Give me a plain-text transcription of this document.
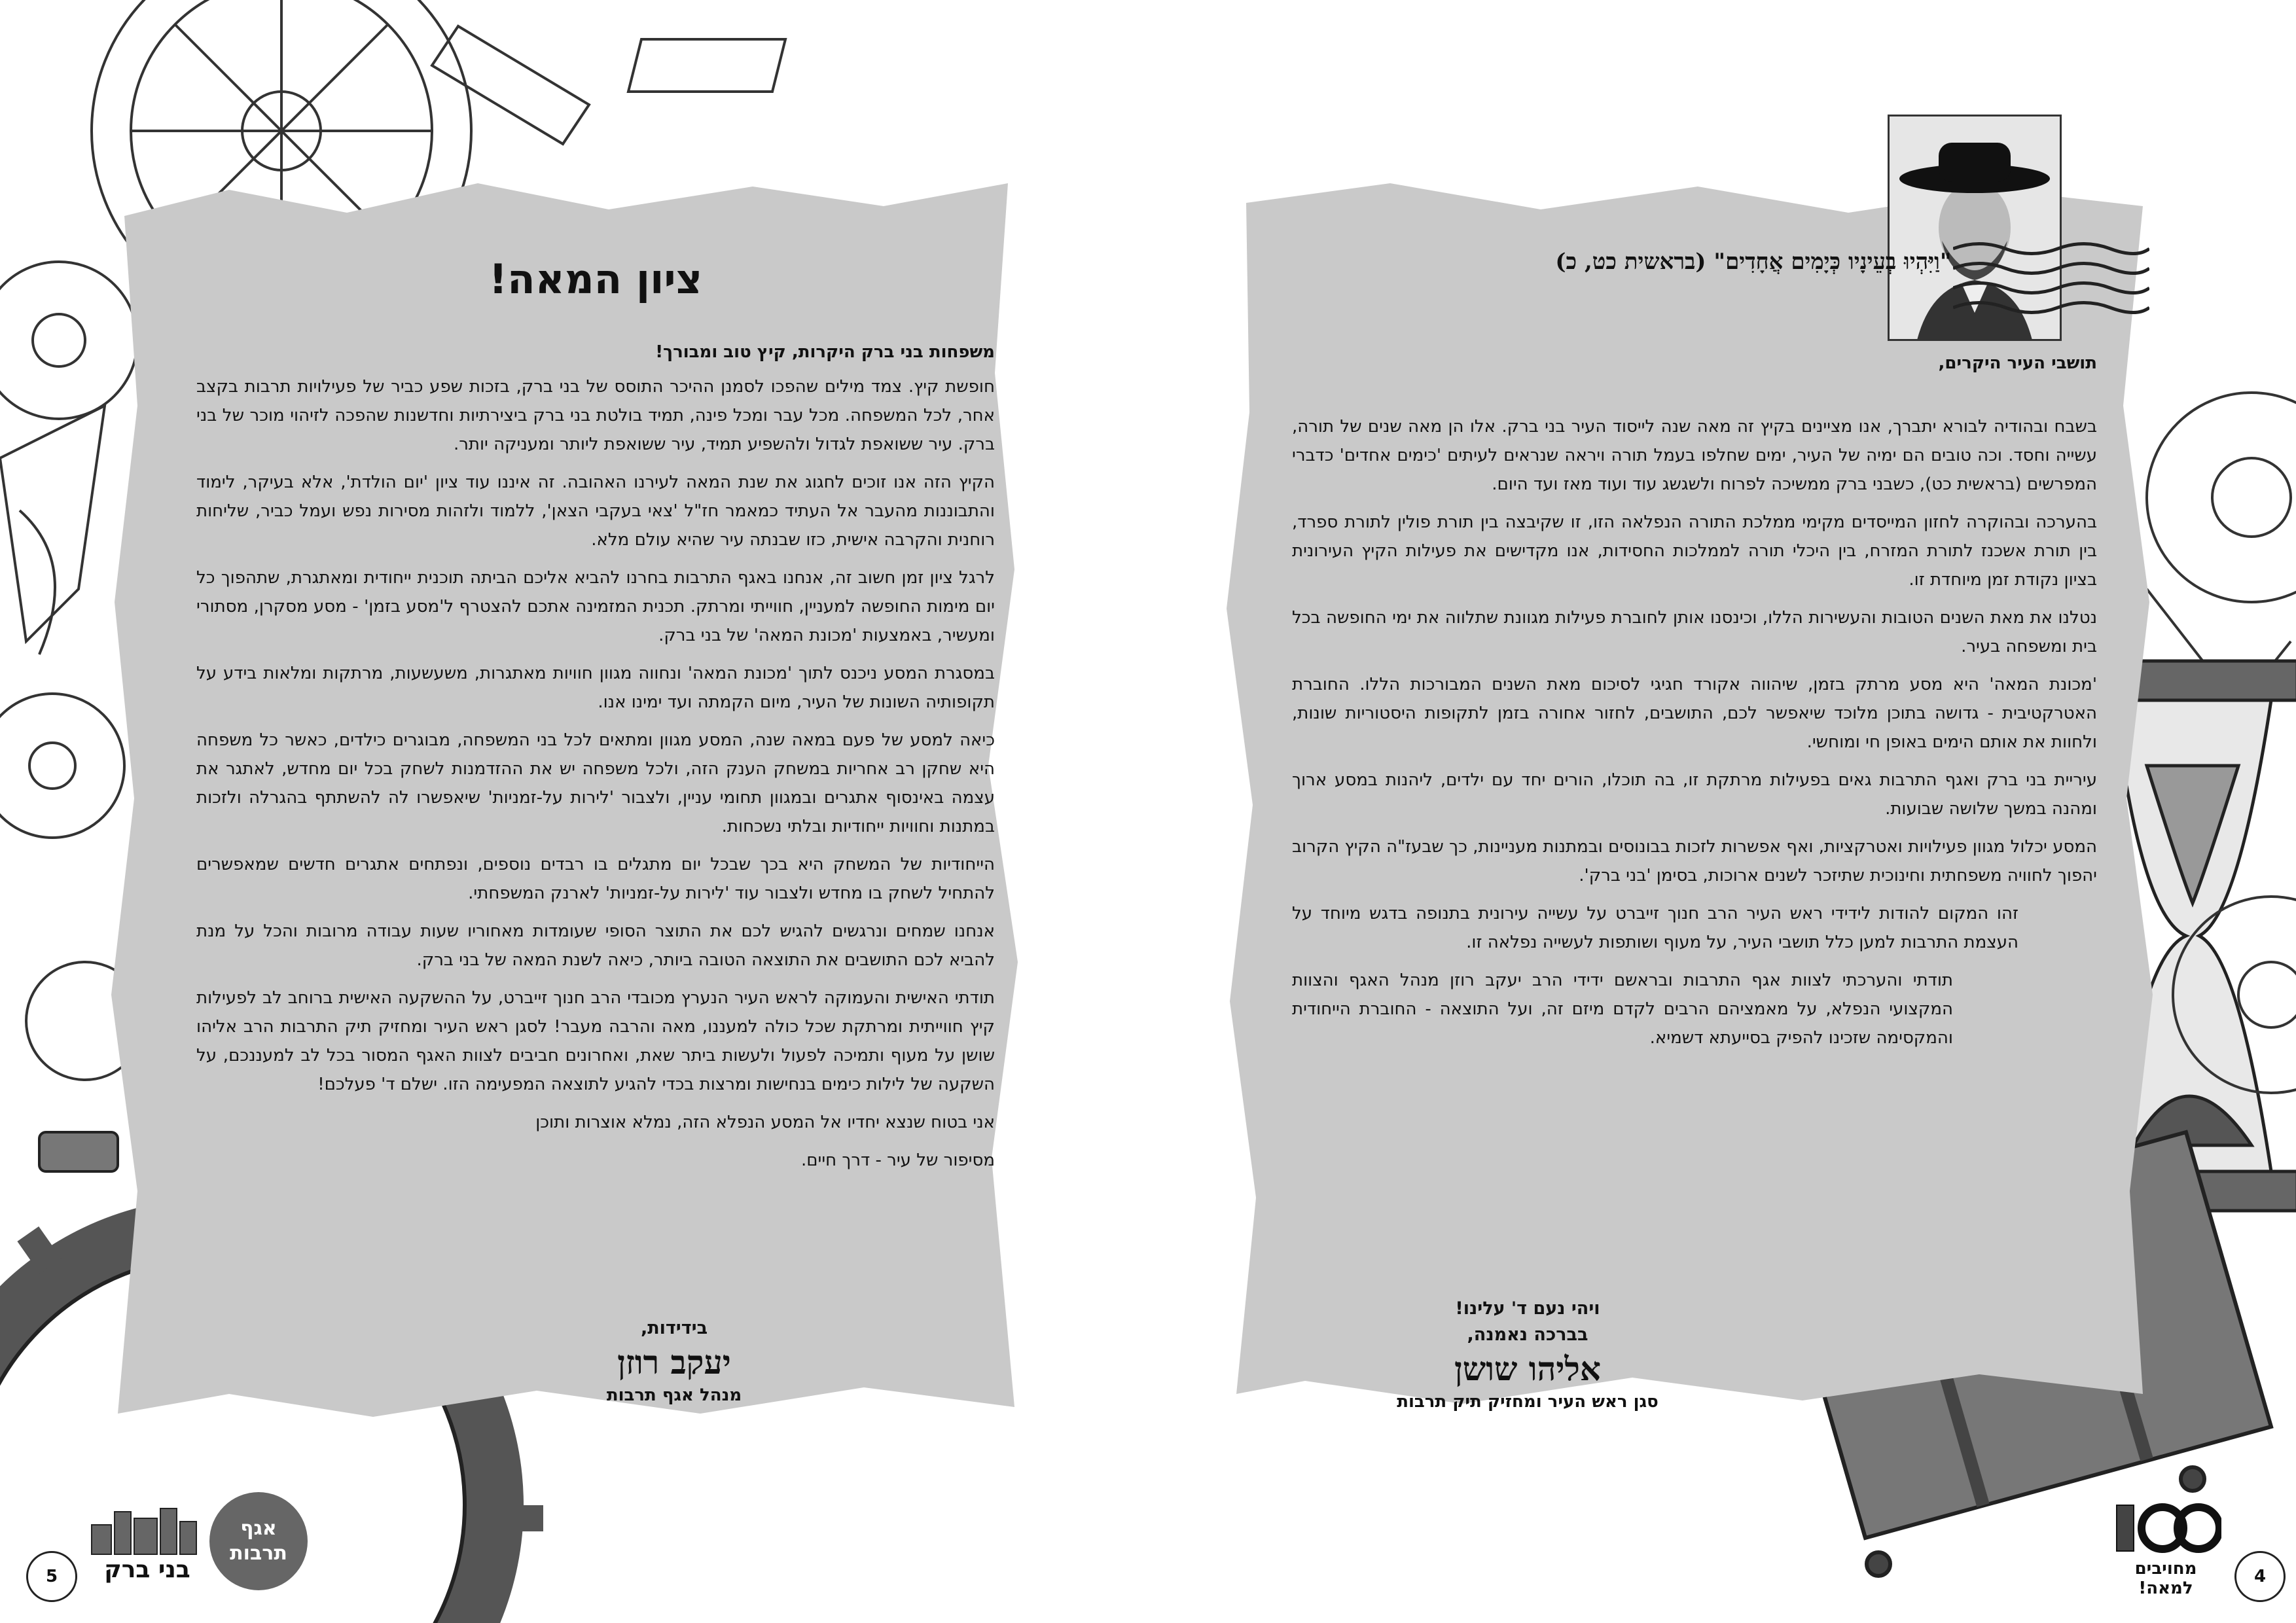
ציון המאה!

משפחות בני ברק היקרות, קיץ טוב ומבורך!

חופשת קיץ. צמד מילים שהפכו לסמנן ההיכר התוסס של בני ברק, בזכות שפע כביר של פעילויות תרבות בקצב אחר, לכל המשפחה. מכל עבר ומכל פינה, תמיד בולטת בני ברק ביצירתיות וחדשנות שהפכה לזיהוי מוכר של בני ברק. עיר ששואפת לגדול ולהשפיע תמיד, עיר ששואפת ליותר ומעניקה יותר.

הקיץ הזה אנו זוכים לחגוג את שנת המאה לעירנו האהובה. זה איננו עוד ציון 'יום הולדת', אלא בעיקר, לימוד והתבוננות מהעבר אל העתיד כמאמר חז"ל 'צאי בעקבי הצאן', ללמוד ולזהות מסירות נפש ועמל כביר, שליחות רוחנית והקרבה אישית, כזו שבנתה עיר שהיא עולם מלא.

לרגל ציון זמן חשוב זה, אנחנו באגף התרבות בחרנו להביא אליכם הביתה תוכנית ייחודית ומאתגרת, שתהפוך כל יום מימות החופשה למעניין, חווייתי ומרתק. תכנית המזמינה אתכם להצטרף ל'מסע בזמן' - מסע מסקרן, מסתורי ומעשיר, באמצעות 'מכונת המאה' של בני ברק.

במסגרת המסע ניכנס לתוך 'מכונת המאה' ונחווה מגוון חוויות מאתגרות, משעשעות, מרתקות ומלאות בידע על תקופותיה השונות של העיר, מיום הקמתה ועד ימינו אנו.

כיאה למסע של פעם במאה שנה, המסע מגוון ומתאים לכל בני המשפחה, מבוגרים כילדים, כאשר כל משפחה היא שחקן רב אחריות במשחק הענק הזה, ולכל משפחה יש את ההזדמנות לשחק בכל יום מחדש, לאתגר את עצמה באינסוף אתגרים ובמגוון תחומי עניין, ולצבור 'לירות על-זמניות' שיאפשרו לה להשתתף בהגרלה ולזכות במתנות וחוויות ייחודיות ובלתי נשכחות.

הייחודיות של המשחק היא בכך שבכל יום מתגלים בו רבדים נוספים, ונפתחים אתגרים חדשים שמאפשרים להתחיל לשחק בו מחדש ולצבור עוד 'לירות על-זמניות' לארנק המשפחתי.

אנחנו שמחים ונרגשים להגיש לכם את התוצר הסופי שעומדות מאחוריו שעות עבודה מרובות והכל על מנת להביא לכם התושבים את התוצאה הטובה ביותר, כיאה לשנת המאה של בני ברק.

תודתי האישית והעמוקה לראש העיר הנערץ מכובדי הרב חנוך זייברט, על ההשקעה האישית ברוחב לב לפעילות קיץ חווייתית ומרתקת שכל כולה למעננו, מאה והרבה מעבר! לסגן ראש העיר ומחזיק תיק התרבות הרב אליהו שושן על מעוף ותמיכה לפעול ולעשות ביתר שאת, ואחרונים חביבים לצוות האגף המסור בכל לב למעננכם, על השקעה של לילות כימים בנחישות ומרצות בכדי להגיע לתוצאה המפעימה הזו. ישלם ד' פעלכם!

אני בטוח שנצא יחדיו אל המסע הנפלא הזה, נמלא אוצרות ותוכן

מסיפור של עיר - דרך חיים.

בידידות,
יעקב רוזן
מנהל אגף תרבות
5
אגף תרבות
בני ברק

"וַיִּהְיוּ בְעֵינָיו כְּיָמִים אֲחָדִים" (בראשית כט, כ)

תושבי העיר היקרים,

בשבח ובהודיה לבורא יתברך, אנו מציינים בקיץ זה מאה שנה לייסוד העיר בני ברק. אלו הן מאה שנים של תורה, עשייה וחסד. וכה טובים הם ימיה של העיר, ימים שחלפו בעמל תורה ויראה שנראים לעיתים 'כימים אחדים' כדברי המפרשים (בראשית כט), כשבני ברק ממשיכה לפרוח ולשגשג עוד ועוד מאז ועד היום.

בהערכה ובהוקרה לחזון המייסדים מקימי ממלכת התורה הנפלאה הזו, זו שקיבצה בין תורת פולין לתורת ספרד, בין תורת אשכנז לתורת המזרח, בין היכלי תורה לממלכות החסידות, אנו מקדישים את פעילות הקיץ העירונית בציון נקודת זמן מיוחדת זו.

נטלנו את מאת השנים הטובות והעשירות הללו, וכינסנו אותן לחוברת פעילות מגוונת שתלווה את ימי החופשה בכל בית ומשפחה בעיר.

'מכונת המאה' היא מסע מרתק בזמן, שיהווה אקורד חגיגי לסיכום מאת השנים המבורכות הללו. החוברת האטרקטיבית - גדושה בתוכן מלוכד שיאפשר לכם, התושבים, לחזור אחורה בזמן לתקופות היסטוריות שונות, ולחוות את אותם הימים באופן חי ומוחשי.

עיריית בני ברק ואגף התרבות גאים בפעילות מרתקת זו, בה תוכלו, הורים יחד עם ילדים, ליהנות במסע ארוך ומהנה במשך שלושה שבועות.

המסע יכלול מגוון פעילויות ואטרקציות, ואף אפשרות לזכות בבונוסים ובמתנות מעניינות, כך שבעז"ה הקיץ הקרוב יהפוך לחוויה משפחתית וחינוכית שתיזכר לשנים ארוכות, בסימן 'בני ברק'.

זהו המקום להודות לידידי ראש העיר הרב חנוך זייברט על עשייה עירונית בתנופה בדגש מיוחד על העצמת התרבות למען כלל תושבי העיר, על מעוף ושותפות לעשייה נפלאה זו.

תודתי והערכתי לצוות אגף התרבות ובראשם ידידי הרב יעקב רוזן מנהל האגף והצוות המקצועי הנפלא, על מאמציהם הרבים לקדם מיזם זה, ועל התוצאה - החוברת הייחודית והמקסימה שזכינו להפיק בסייעתא דשמיא.

ויהי נעם ד' עלינו!
בברכה נאמנה,
אליהו שושן
סגן ראש העיר ומחזיק תיק תרבות
4
מחויבים למאה!
